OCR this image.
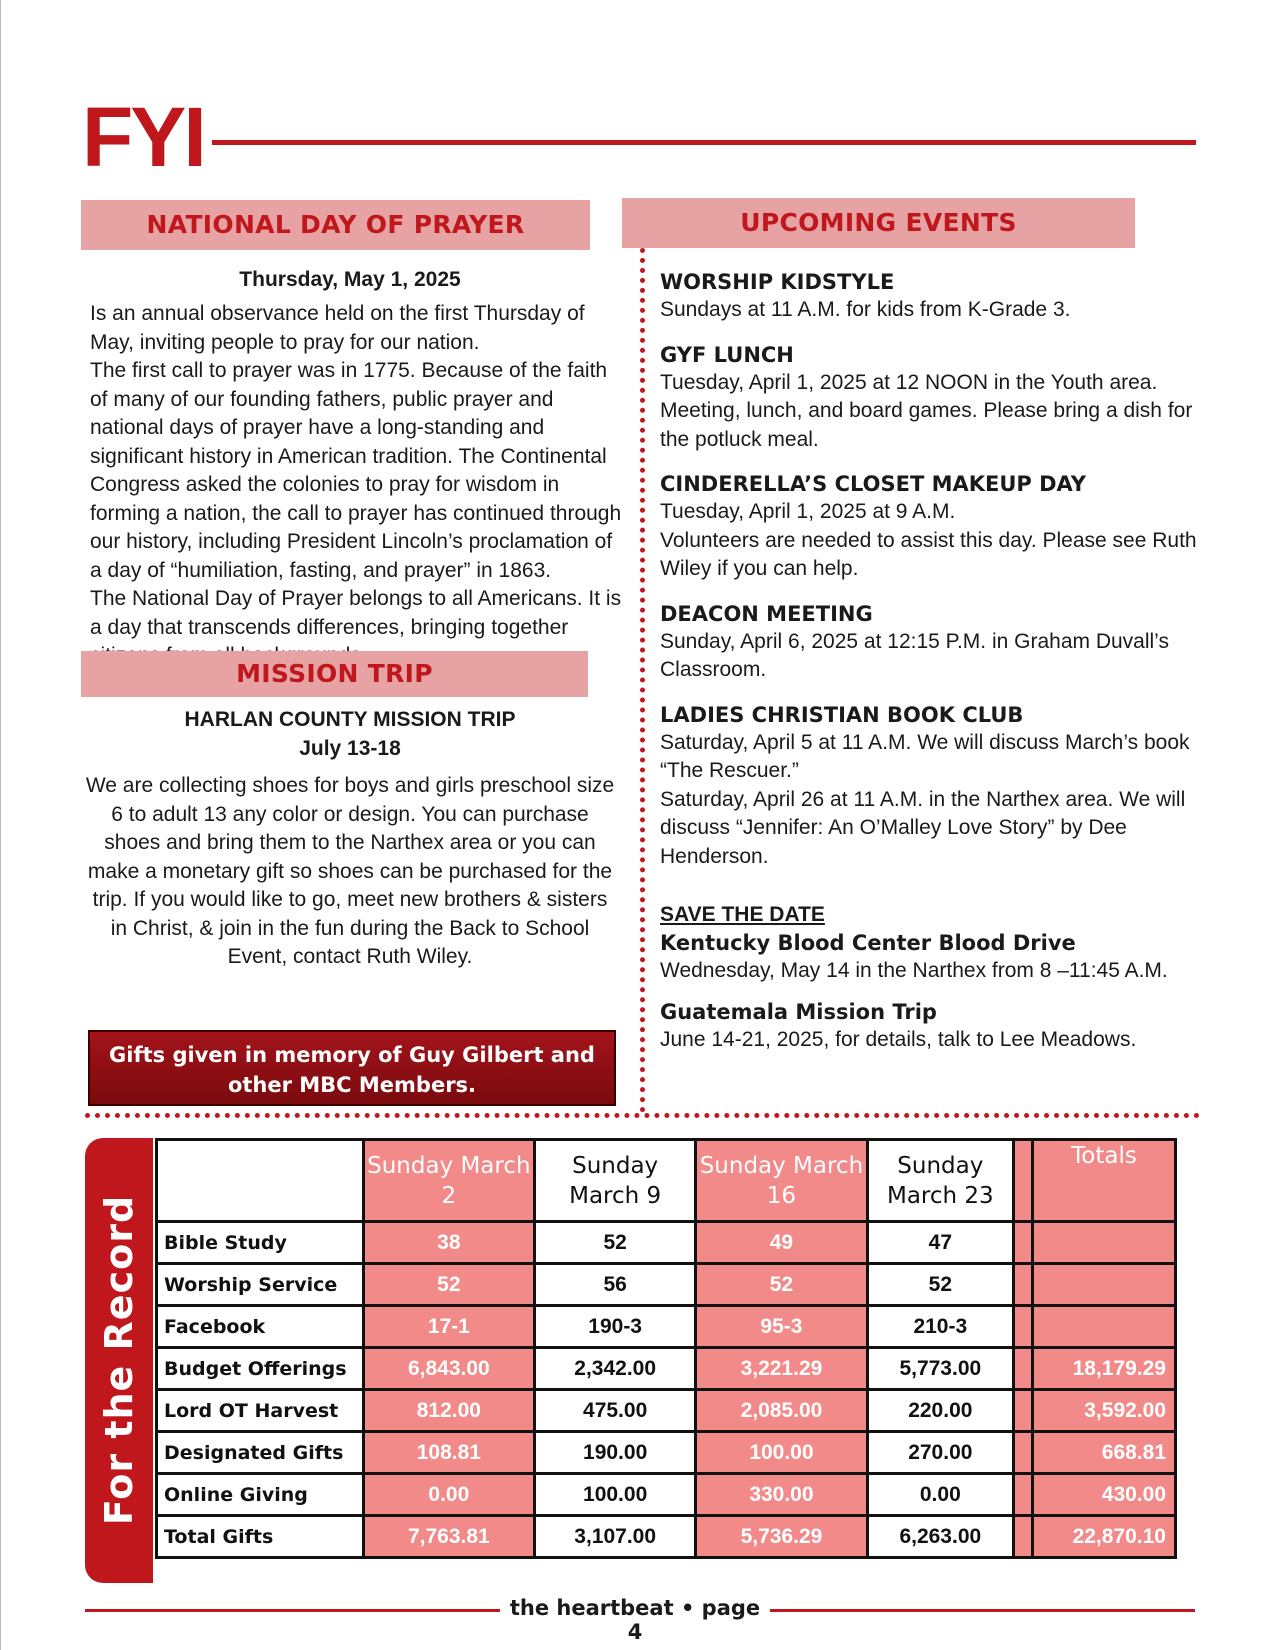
FYI
NATIONAL DAY OF PRAYER
Thursday, May 1, 2025

Is an annual observance held on the first Thursday of May, inviting people to pray for our nation.

The first call to prayer was in 1775. Because of the faith of many of our founding fathers, public prayer and national days of prayer have a long-standing and significant history in American tradition. The Continental Congress asked the colonies to pray for wisdom in forming a nation, the call to prayer has continued through our history, including President Lincoln’s proclamation of a day of “humiliation, fasting, and prayer” in 1863.

The National Day of Prayer belongs to all Americans. It is a day that transcends differences, bringing together

MISSION TRIP
HARLAN COUNTY MISSION TRIP
July 13-18
We are collecting shoes for boys and girls preschool size 6 to adult 13 any color or design. You can purchase shoes and bring them to the Narthex area or you can make a monetary gift so shoes can be purchased for the trip. If you would like to go, meet new brothers & sisters in Christ, & join in the fun during the Back to School Event, contact Ruth Wiley.
Gifts given in memory of Guy Gilbert and other MBC Members.
UPCOMING EVENTS
WORSHIP KIDSTYLE

Sundays at 11 A.M. for kids from K-Grade 3.

GYF LUNCH

Tuesday, April 1, 2025 at 12 NOON in the Youth area. Meeting, lunch, and board games. Please bring a dish for the potluck meal.

CINDERELLA’S CLOSET MAKEUP DAY

Tuesday, April 1, 2025 at 9 A.M.

Volunteers are needed to assist this day. Please see Ruth Wiley if you can help.

DEACON MEETING

Sunday, April 6, 2025 at 12:15 P.M. in Graham Duvall’s Classroom.

LADIES CHRISTIAN BOOK CLUB

Saturday, April 5 at 11 A.M. We will discuss March’s book “The Rescuer.”

Saturday, April 26 at 11 A.M. in the Narthex area. We will discuss “Jennifer: An O’Malley Love Story” by Dee Henderson.

SAVE THE DATE
Kentucky Blood Center Blood Drive

Wednesday, May 14 in the Narthex from 8 –11:45 A.M.

Guatemala Mission Trip

June 14-21, 2025, for details, talk to Lee Meadows.

For the Record
	Sunday March 2	Sunday March 9	Sunday March 16	Sunday March 23		Totals
Bible Study	38	52	49	47		
Worship Service	52	56	52	52		
Facebook	17-1	190-3	95-3	210-3		
Budget Offerings	6,843.00	2,342.00	3,221.29	5,773.00		18,179.29
Lord OT Harvest	812.00	475.00	2,085.00	220.00		3,592.00
Designated Gifts	108.81	190.00	100.00	270.00		668.81
Online Giving	0.00	100.00	330.00	0.00		430.00
Total Gifts	7,763.81	3,107.00	5,736.29	6,263.00		22,870.10
the heartbeat • page 4
